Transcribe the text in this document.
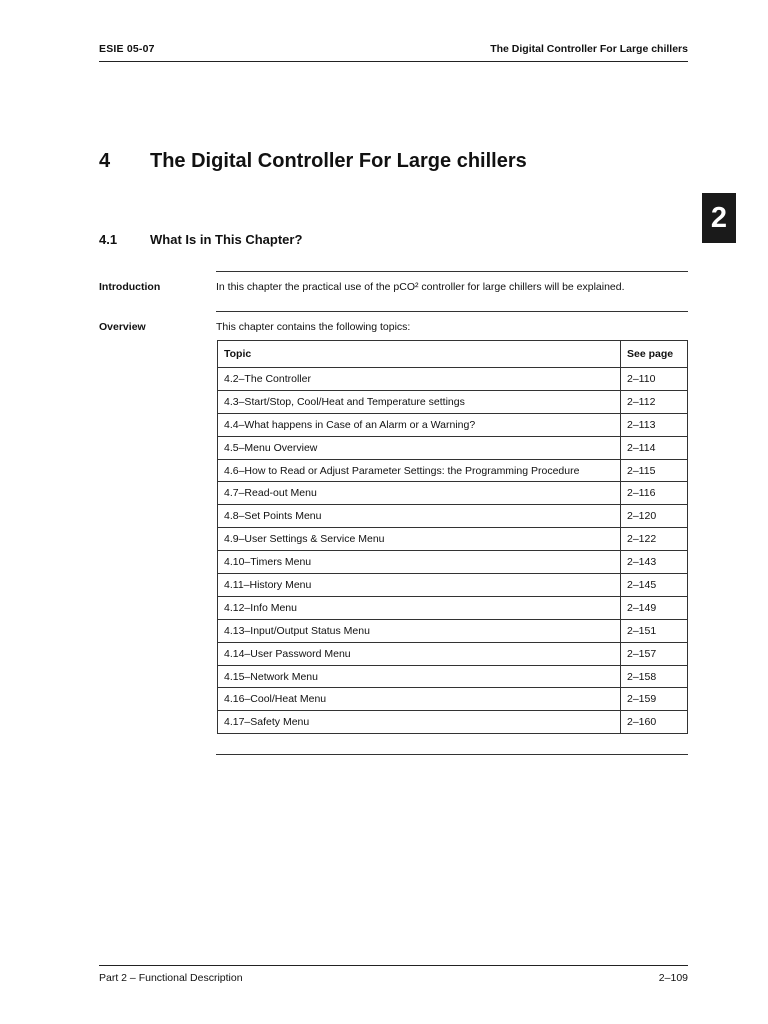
ESIE 05-07	The Digital Controller For Large chillers
2
4 The Digital Controller For Large chillers
4.1	What Is in This Chapter?
Introduction	In this chapter the practical use of the pCO² controller for large chillers will be explained.
Overview	This chapter contains the following topics:
Topic	See page
4.2–The Controller	2–110
4.3–Start/Stop, Cool/Heat and Temperature settings	2–112
4.4–What happens in Case of an Alarm or a Warning?	2–113
4.5–Menu Overview	2–114
4.6–How to Read or Adjust Parameter Settings: the Programming Procedure	2–115
4.7–Read-out Menu	2–116
4.8–Set Points Menu	2–120
4.9–User Settings & Service Menu	2–122
4.10–Timers Menu	2–143
4.11–History Menu	2–145
4.12–Info Menu	2–149
4.13–Input/Output Status Menu	2–151
4.14–User Password Menu	2–157
4.15–Network Menu	2–158
4.16–Cool/Heat Menu	2–159
4.17–Safety Menu	2–160
Part 2 – Functional Description	2–109
